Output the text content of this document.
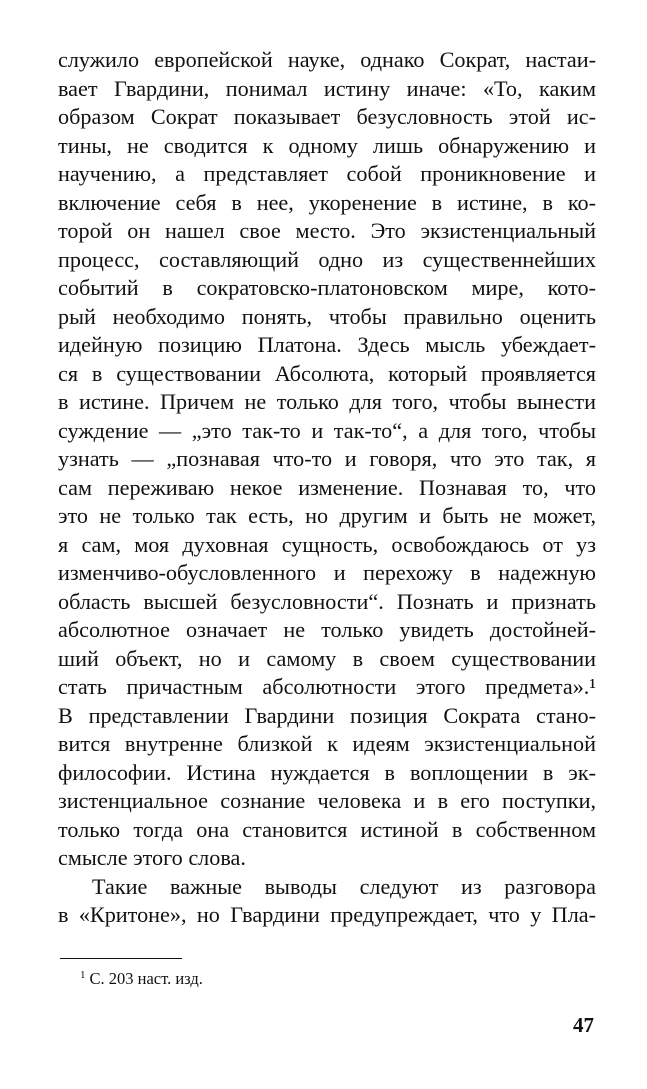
служило европейской науке, однако Сократ, настаи-
вает Гвардини, понимал истину иначе: «То, каким
образом Сократ показывает безусловность этой ис-
тины, не сводится к одному лишь обнаружению и
научению, а представляет собой проникновение и
включение себя в нее, укоренение в истине, в ко-
торой он нашел свое место. Это экзистенциальный
процесс, составляющий одно из существеннейших
событий в сократовско-платоновском мире, кото-
рый необходимо понять, чтобы правильно оценить
идейную позицию Платона. Здесь мысль убеждает-
ся в существовании Абсолюта, который проявляется
в истине. Причем не только для того, чтобы вынести
суждение — „это так-то и так-то“, а для того, чтобы
узнать — „познавая что-то и говоря, что это так, я
сам переживаю некое изменение. Познавая то, что
это не только так есть, но другим и быть не может,
я сам, моя духовная сущность, освобождаюсь от уз
изменчиво-обусловленного и перехожу в надежную
область высшей безусловности“. Познать и признать
абсолютное означает не только увидеть достойней-
ший объект, но и самому в своем существовании
стать причастным абсолютности этого предмета».¹
В представлении Гвардини позиция Сократа стано-
вится внутренне близкой к идеям экзистенциальной
философии. Истина нуждается в воплощении в эк-
зистенциальное сознание человека и в его поступки,
только тогда она становится истиной в собственном
смысле этого слова.
Такие важные выводы следуют из разговора
в «Критоне», но Гвардини предупреждает, что у Пла-
$^1$ С. 203 наст. изд.
47
